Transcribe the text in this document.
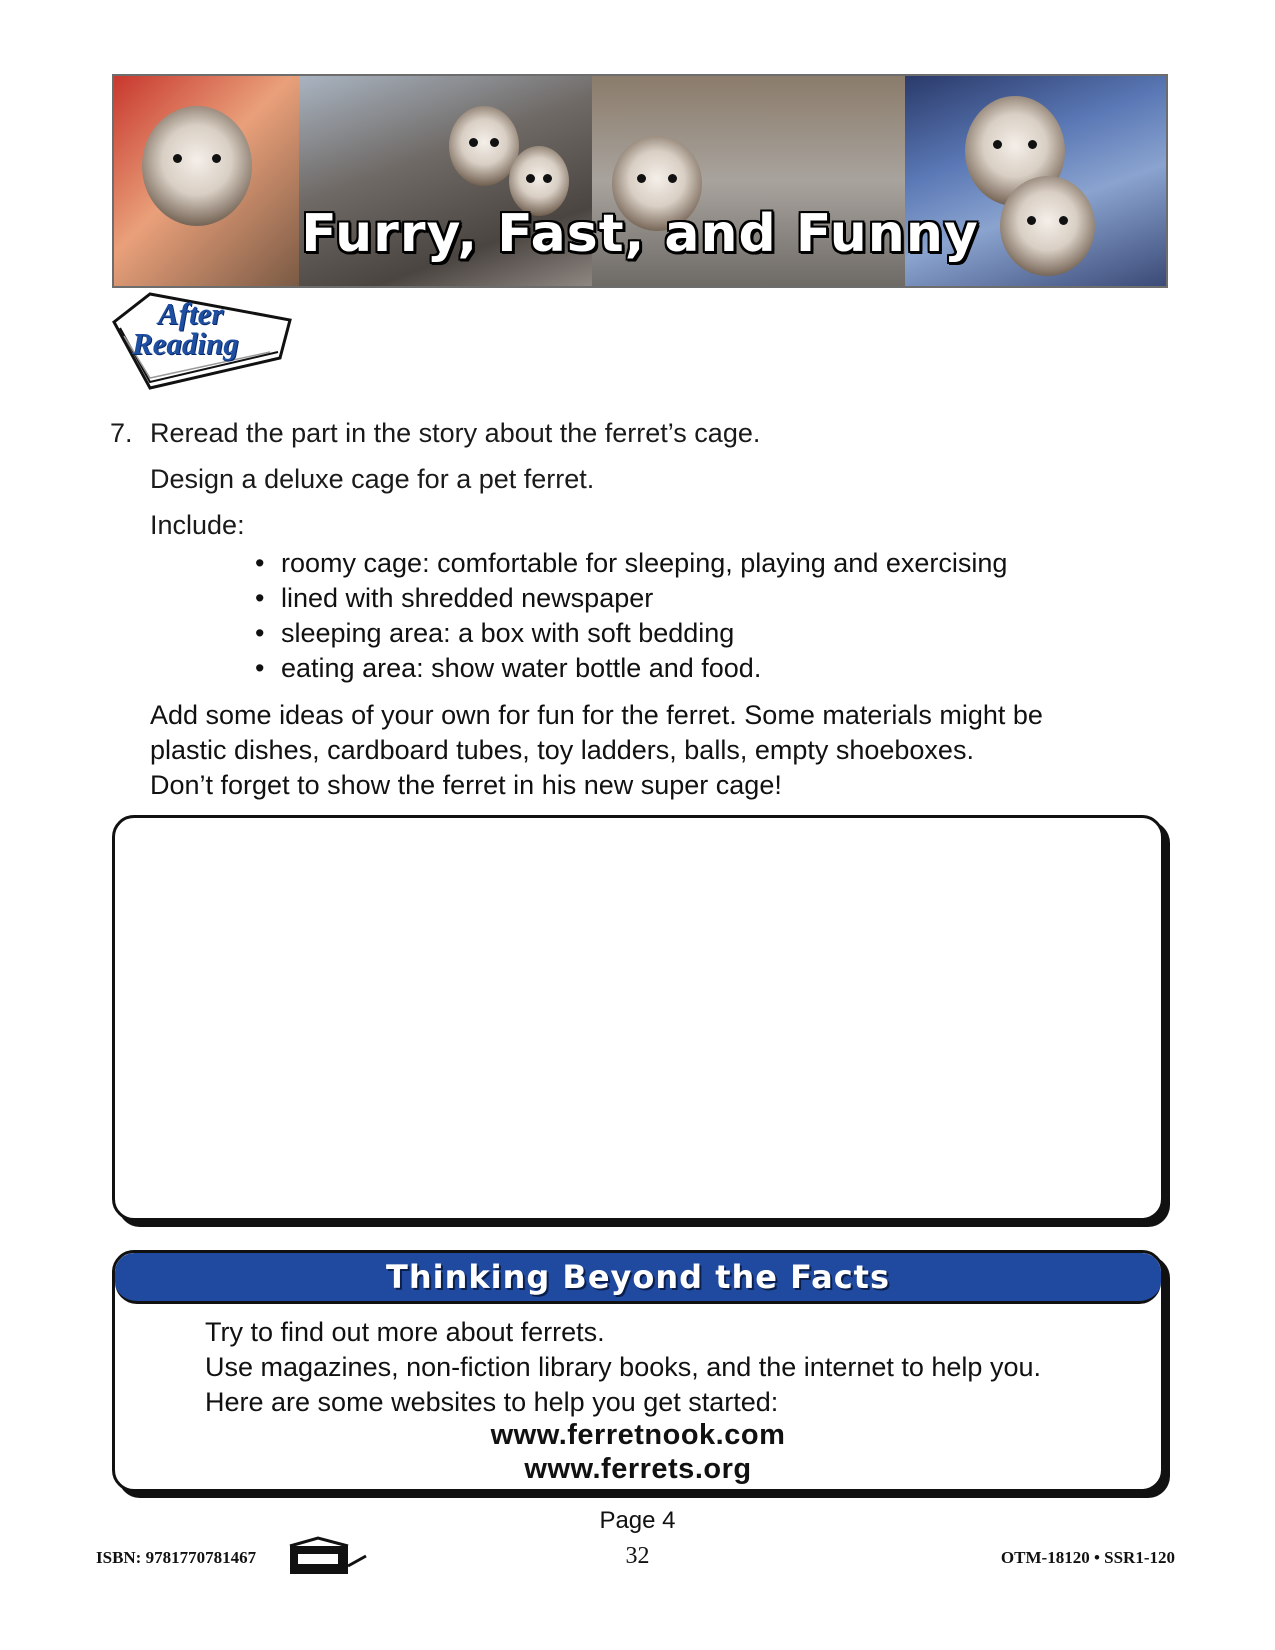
Furry, Fast, and Funny
After
Reading
7. Reread the part in the story about the ferret’s cage.
Design a deluxe cage for a pet ferret.
Include:
• roomy cage: comfortable for sleeping, playing and exercising
• lined with shredded newspaper
• sleeping area: a box with soft bedding
• eating area: show water bottle and food.
Add some ideas of your own for fun for the ferret. Some materials might be
plastic dishes, cardboard tubes, toy ladders, balls, empty shoeboxes.
Don’t forget to show the ferret in his new super cage!
Thinking Beyond the Facts
Try to find out more about ferrets.
Use magazines, non-fiction library books, and the internet to help you.
Here are some websites to help you get started:
www.ferretnook.com
www.ferrets.org
Page 4
32
ISBN: 9781770781467	OTM-18120 • SSR1-120
